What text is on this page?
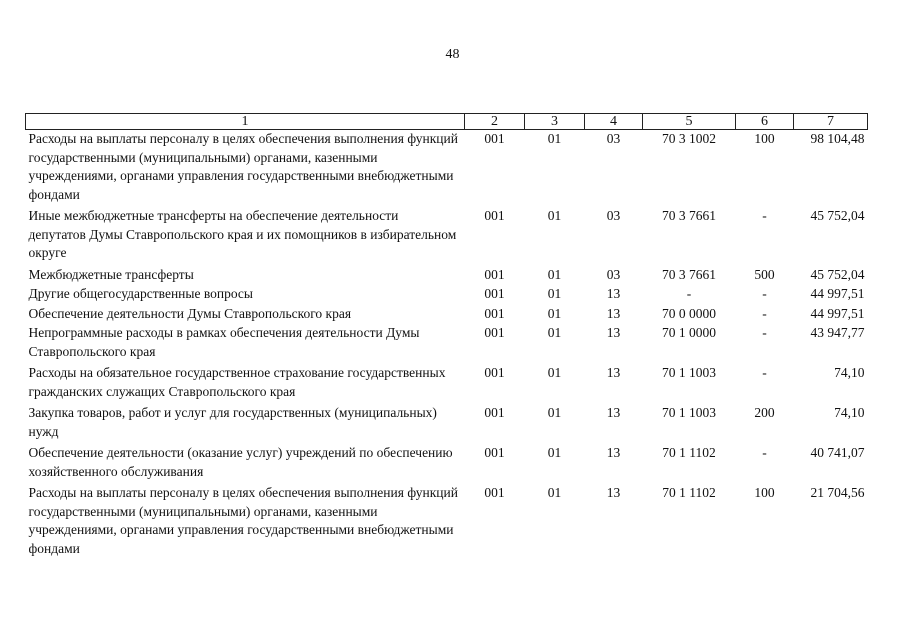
48
1	2	3	4	5	6	7
Расходы на выплаты персоналу в целях обеспечения выполнения функций государственными (муниципальными) органами, казенными учреждениями, органами управления государственными внебюджетными фондами	001	01	03	70 3 1002	100	98 104,48
Иные межбюджетные трансферты на обеспечение деятельности депутатов Думы Ставропольского края и их помощников в избирательном округе	001	01	03	70 3 7661	-	45 752,04
Межбюджетные трансферты	001	01	03	70 3 7661	500	45 752,04
Другие общегосударственные вопросы	001	01	13	-	-	44 997,51
Обеспечение деятельности Думы Ставропольского края	001	01	13	70 0 0000	-	44 997,51
Непрограммные расходы в рамках обеспечения деятельности Думы Ставропольского края	001	01	13	70 1 0000	-	43 947,77
Расходы на обязательное государственное страхование государственных гражданских служащих Ставропольского края	001	01	13	70 1 1003	-	74,10
Закупка товаров, работ и услуг для государственных (муниципальных) нужд	001	01	13	70 1 1003	200	74,10
Обеспечение деятельности (оказание услуг) учреждений по обеспечению хозяйственного обслуживания	001	01	13	70 1 1102	-	40 741,07
Расходы на выплаты персоналу в целях обеспечения выполнения функций государственными (муниципальными) органами, казенными учреждениями, органами управления государственными внебюджетными фондами	001	01	13	70 1 1102	100	21 704,56
